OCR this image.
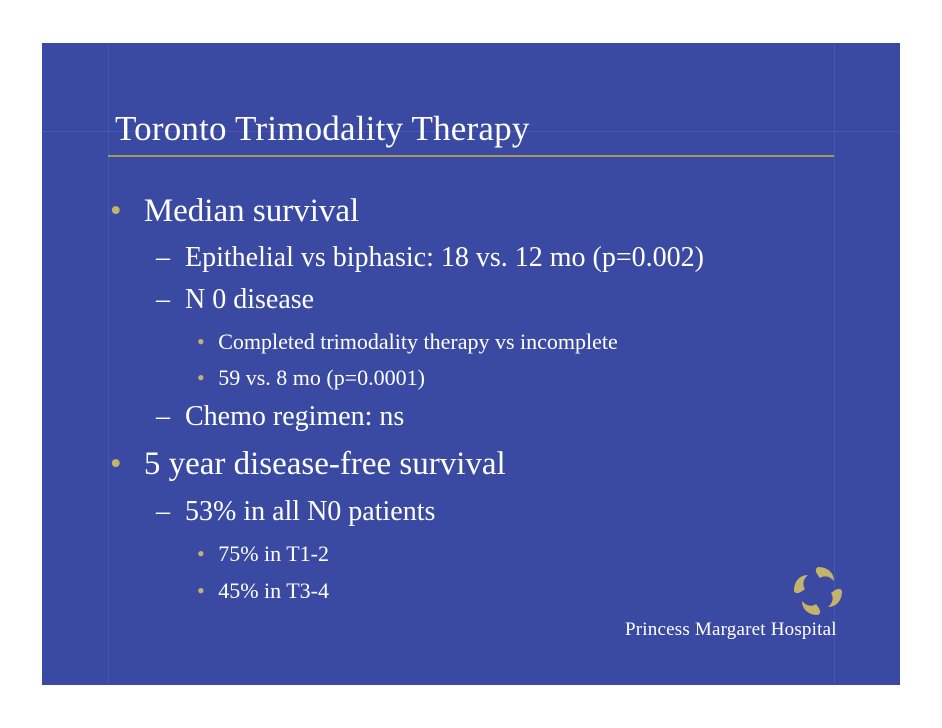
Toronto Trimodality Therapy
• Median survival
– Epithelial vs biphasic: 18 vs. 12 mo (p=0.002)
– N 0 disease
• Completed trimodality therapy vs incomplete
• 59 vs. 8 mo (p=0.0001)
– Chemo regimen: ns
• 5 year disease-free survival
– 53% in all N0 patients
• 75% in T1-2
• 45% in T3-4
Princess Margaret Hospital
